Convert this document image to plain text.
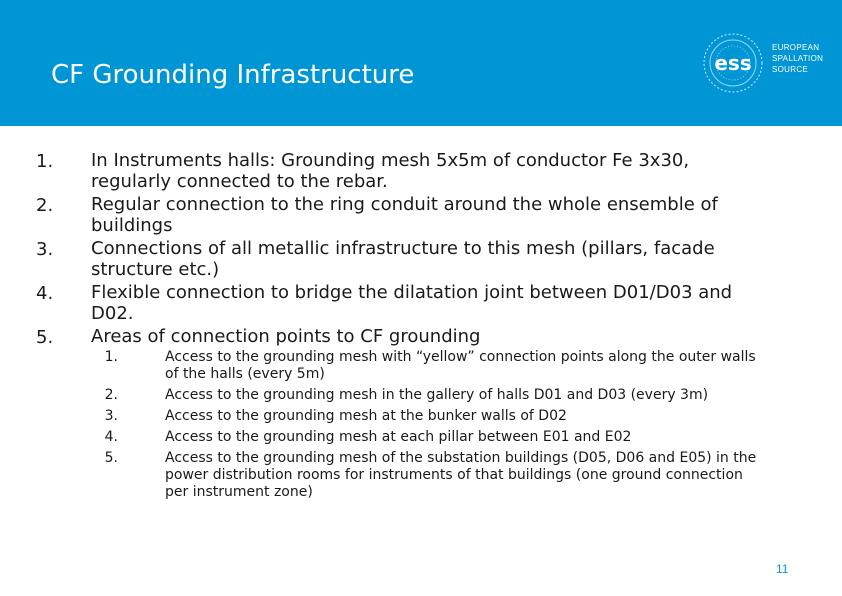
CF Grounding Infrastructure	ess
EUROPEAN
SPALLATION
SOURCE
1.	In Instruments halls: Grounding mesh 5x5m of conductor Fe 3x30,
regularly connected to the rebar.
2.	Regular connection to the ring conduit around the whole ensemble of
buildings
3.	Connections of all metallic infrastructure to this mesh (pillars, facade
structure etc.)
4.	Flexible connection to bridge the dilatation joint between D01/D03 and
D02.
5.	Areas of connection points to CF grounding
1.	Access to the grounding mesh with “yellow” connection points along the outer walls
of the halls (every 5m)
2.	Access to the grounding mesh in the gallery of halls D01 and D03 (every 3m)
3.	Access to the grounding mesh at the bunker walls of D02
4.	Access to the grounding mesh at each pillar between E01 and E02
5.	Access to the grounding mesh of the substation buildings (D05, D06 and E05) in the
power distribution rooms for instruments of that buildings (one ground connection
per instrument zone)
11
